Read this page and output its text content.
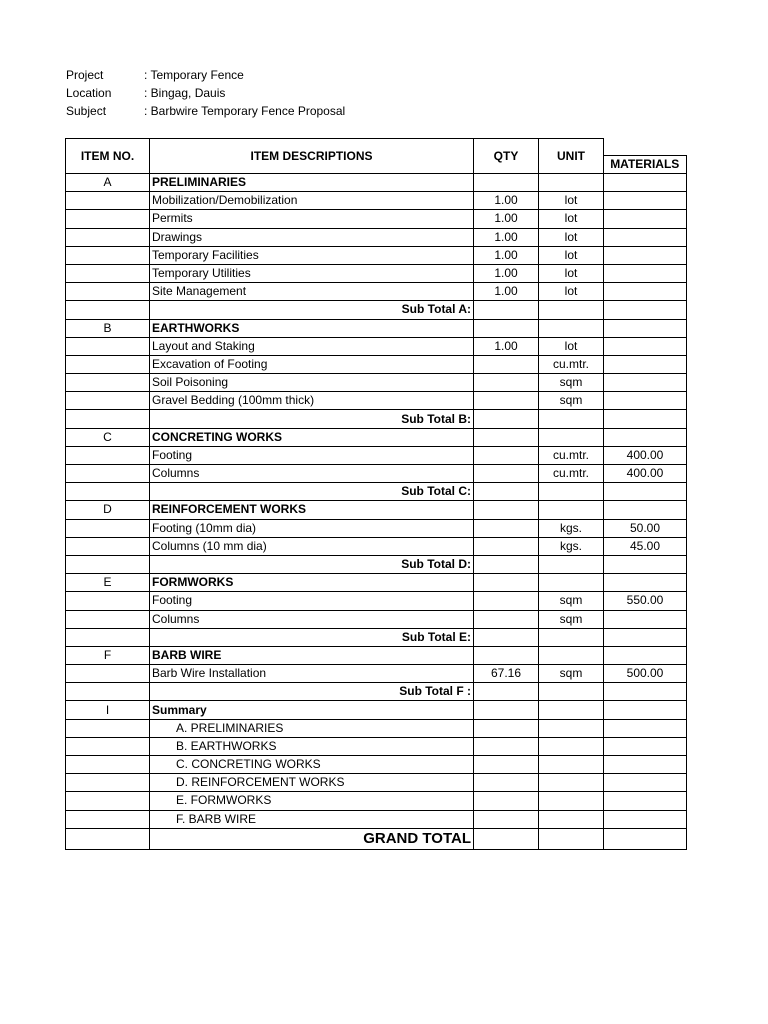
Project	: Temporary Fence
Location	: Bingag, Dauis
Subject	: Barbwire Temporary Fence Proposal
ITEM NO.	ITEM DESCRIPTIONS	QTY	UNIT	MATERIALS

A	PRELIMINARIES			
	Mobilization/Demobilization	1.00	lot	
	Permits	1.00	lot	
	Drawings	1.00	lot	
	Temporary Facilities	1.00	lot	
	Temporary Utilities	1.00	lot	
	Site Management	1.00	lot	
	Sub Total A:			
B	EARTHWORKS			
	Layout and Staking	1.00	lot	
	Excavation of Footing		cu.mtr.	
	Soil Poisoning		sqm	
	Gravel Bedding (100mm thick)		sqm	
	Sub Total B:			
C	CONCRETING WORKS			
	Footing		cu.mtr.	400.00
	Columns		cu.mtr.	400.00
	Sub Total C:			
D	REINFORCEMENT WORKS			
	Footing (10mm dia)		kgs.	50.00
	Columns (10 mm dia)		kgs.	45.00
	Sub Total D:			
E	FORMWORKS			
	Footing		sqm	550.00
	Columns		sqm	
	Sub Total E:			
F	BARB WIRE			
	Barb Wire Installation	67.16	sqm	500.00
	Sub Total F :			
I	Summary			
	A. PRELIMINARIES			
	B. EARTHWORKS			
	C. CONCRETING WORKS			
	D. REINFORCEMENT WORKS			
	E. FORMWORKS			
	F. BARB WIRE			
	GRAND TOTAL			
